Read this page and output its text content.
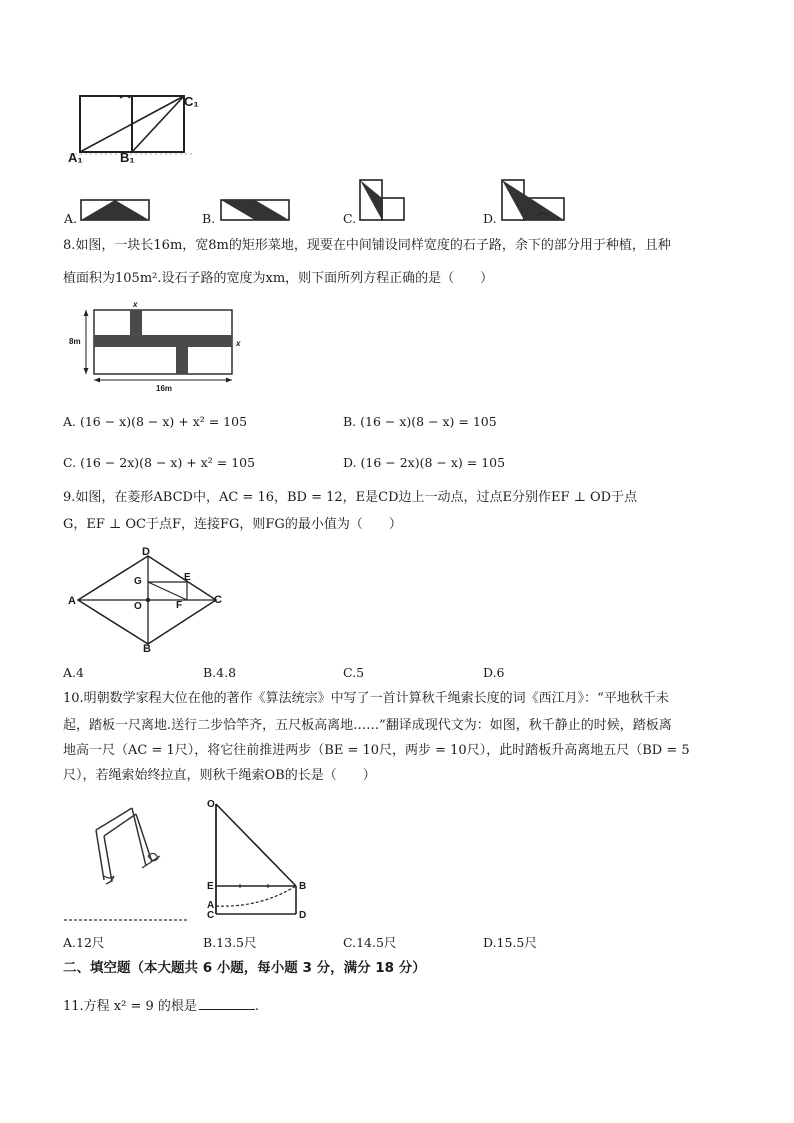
C₁
A₁	B₁
A.	B.	C.	D.
8.如图，一块长16m，宽8m的矩形菜地，现要在中间铺设同样宽度的石子路，余下的部分用于种植，且种
植面积为105m².设石子路的宽度为xm，则下面所列方程正确的是（　　）
8m
16m
x
x
A. (16 − x)(8 − x) + x² = 105	B. (16 − x)(8 − x) = 105
C. (16 − 2x)(8 − x) + x² = 105	D. (16 − 2x)(8 − x) = 105
9.如图，在菱形ABCD中，AC = 16，BD = 12，E是CD边上一动点，过点E分别作EF ⊥ OD于点
G，EF ⊥ OC于点F，连接FG，则FG的最小值为（　　）
A
B
C
D
O
E
F
G
A.4	B.4.8	C.5	D.6
10.明朝数学家程大位在他的著作《算法统宗》中写了一首计算秋千绳索长度的词《西江月》：“平地秋千未
起，踏板一尺离地.送行二步恰竿齐，五尺板高离地……”翻译成现代文为：如图，秋千静止的时候，踏板离
地高一尺（AC = 1尺），将它往前推进两步（BE = 10尺，两步 = 10尺），此时踏板升高离地五尺（BD = 5
尺），若绳索始终拉直，则秋千绳索OB的长是（　　）
O
E
A
C
B
D
A.12尺	B.13.5尺	C.14.5尺	D.15.5尺
二、填空题（本大题共 6 小题，每小题 3 分，满分 18 分）
11.方程 x² = 9 的根是	.
